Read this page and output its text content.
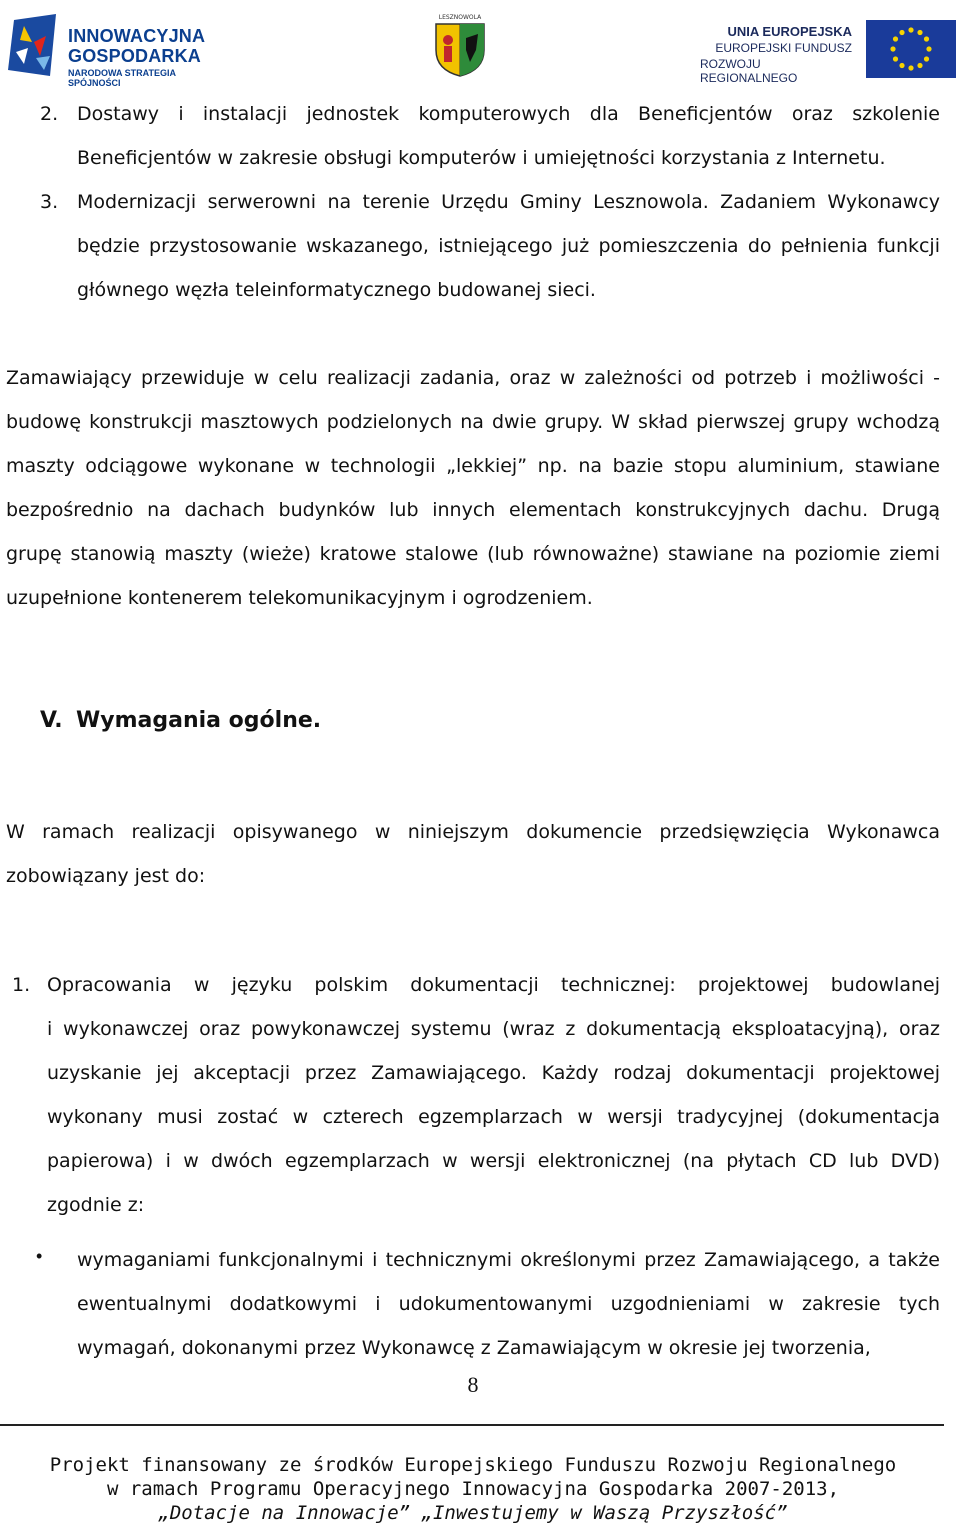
INNOWACYJNA
GOSPODARKA
NARODOWA STRATEGIA SPÓJNOŚCI
LESZNOWOLA
UNIA EUROPEJSKA
EUROPEJSKI FUNDUSZ
ROZWOJU REGIONALNEGO
2. Dostawy i instalacji jednostek komputerowych dla Beneficjentów oraz szkolenie
Beneficjentów w zakresie obsługi komputerów i umiejętności korzystania z Internetu.
3. Modernizacji serwerowni na terenie Urzędu Gminy Lesznowola. Zadaniem Wykonawcy
będzie przystosowanie wskazanego, istniejącego już pomieszczenia do pełnienia funkcji
głównego węzła teleinformatycznego budowanej sieci.
Zamawiający przewiduje w celu realizacji zadania, oraz w zależności od potrzeb i możliwości -
budowę konstrukcji masztowych podzielonych na dwie grupy. W skład pierwszej grupy wchodzą
maszty odciągowe wykonane w technologii „lekkiej” np. na bazie stopu aluminium, stawiane
bezpośrednio na dachach budynków lub innych elementach konstrukcyjnych dachu. Drugą
grupę stanowią maszty (wieże) kratowe stalowe (lub równoważne) stawiane na poziomie ziemi
uzupełnione kontenerem telekomunikacyjnym i ogrodzeniem.
V. Wymagania ogólne.
W ramach realizacji opisywanego w niniejszym dokumencie przedsięwzięcia Wykonawca
zobowiązany jest do:
1. Opracowania w języku polskim dokumentacji technicznej: projektowej budowlanej
i wykonawczej oraz powykonawczej systemu (wraz z dokumentacją eksploatacyjną), oraz
uzyskanie jej akceptacji przez Zamawiającego. Każdy rodzaj dokumentacji projektowej
wykonany musi zostać w czterech egzemplarzach w wersji tradycyjnej (dokumentacja
papierowa) i w dwóch egzemplarzach w wersji elektronicznej (na płytach CD lub DVD)
zgodnie z:
• wymaganiami funkcjonalnymi i technicznymi określonymi przez Zamawiającego, a także
ewentualnymi dodatkowymi i udokumentowanymi uzgodnieniami w zakresie tych
wymagań, dokonanymi przez Wykonawcę z Zamawiającym w okresie jej tworzenia,
8
Projekt finansowany ze środków Europejskiego Funduszu Rozwoju Regionalnego
w ramach Programu Operacyjnego Innowacyjna Gospodarka 2007-2013,
„Dotacje na Innowacje” „Inwestujemy w Waszą Przyszłość”
